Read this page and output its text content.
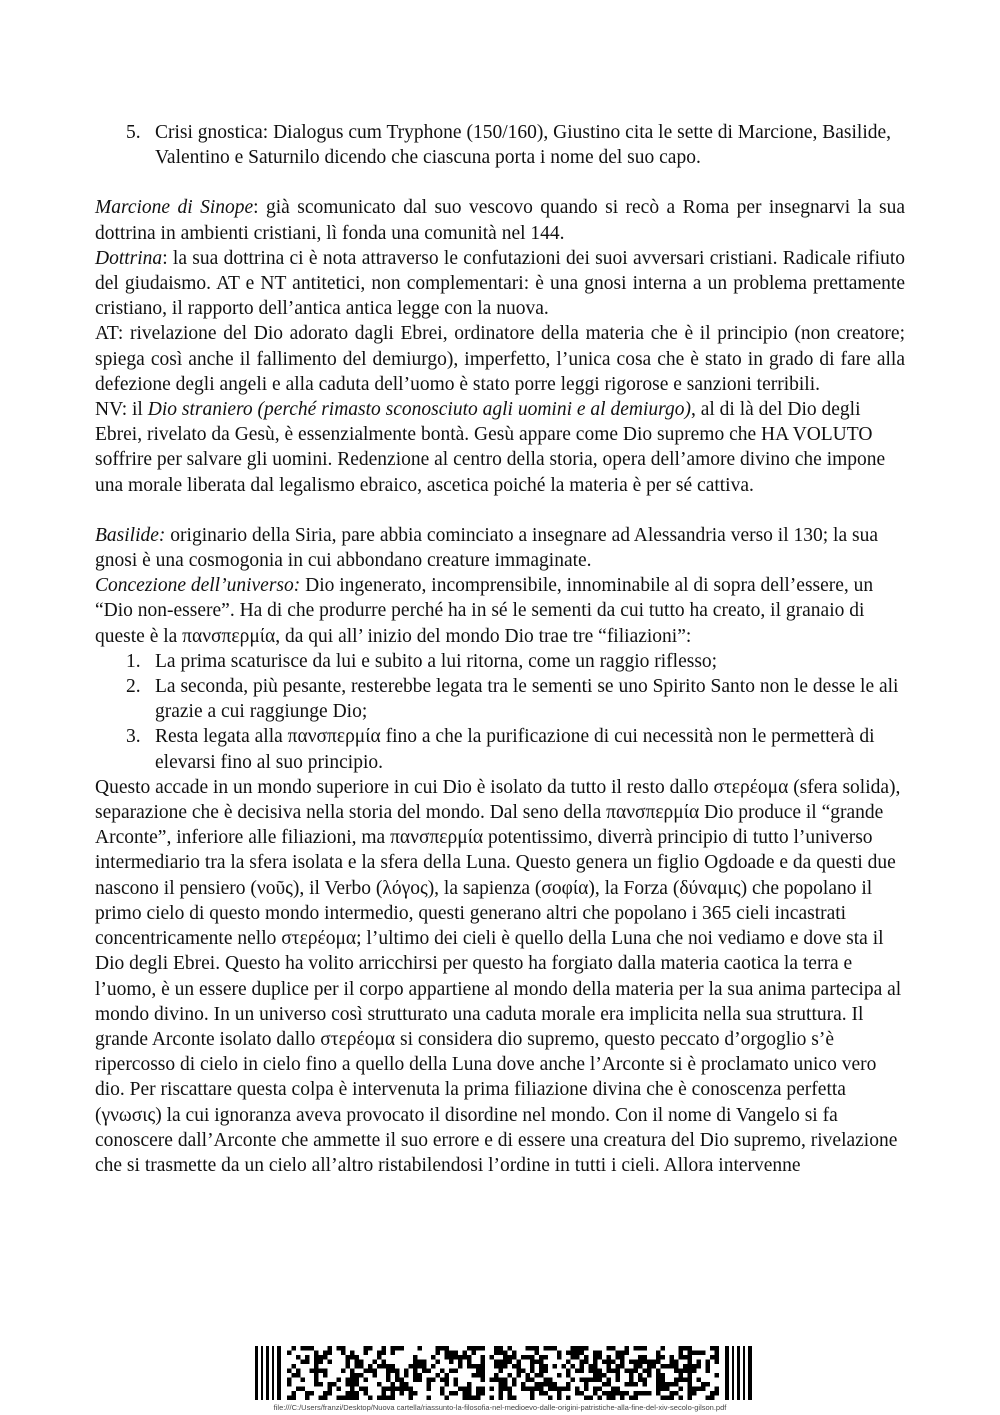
5. Crisi gnostica: Dialogus cum Tryphone (150/160), Giustino cita le sette di Marcione, Basilide, Valentino e Saturnilo dicendo che ciascuna porta i nome del suo capo.

Marcione di Sinope: già scomunicato dal suo vescovo quando si recò a Roma per insegnarvi la sua dottrina in ambienti cristiani, lì fonda una comunità nel 144.

Dottrina: la sua dottrina ci è nota attraverso le confutazioni dei suoi avversari cristiani. Radicale rifiuto del giudaismo. AT e NT antitetici, non complementari: è una gnosi interna a un problema prettamente cristiano, il rapporto dell’antica antica legge con la nuova.

AT: rivelazione del Dio adorato dagli Ebrei, ordinatore della materia che è il principio (non creatore; spiega così anche il fallimento del demiurgo), imperfetto, l’unica cosa che è stato in grado di fare alla defezione degli angeli e alla caduta dell’uomo è stato porre leggi rigorose e sanzioni terribili.

NV: il Dio straniero (perché rimasto sconosciuto agli uomini e al demiurgo), al di là del Dio degli Ebrei, rivelato da Gesù, è essenzialmente bontà. Gesù appare come Dio supremo che HA VOLUTO soffrire per salvare gli uomini. Redenzione al centro della storia, opera dell’amore divino che impone una morale liberata dal legalismo ebraico, ascetica poiché la materia è per sé cattiva.

Basilide: originario della Siria, pare abbia cominciato a insegnare ad Alessandria verso il 130; la sua gnosi è una cosmogonia in cui abbondano creature immaginate.

Concezione dell’universo: Dio ingenerato, incomprensibile, innominabile al di sopra dell’essere, un “Dio non-essere”. Ha di che produrre perché ha in sé le sementi da cui tutto ha creato, il granaio di queste è la πανσπερμία, da qui all’ inizio del mondo Dio trae tre “filiazioni”:

1. La prima scaturisce da lui e subito a lui ritorna, come un raggio riflesso;
2. La seconda, più pesante, resterebbe legata tra le sementi se uno Spirito Santo non le desse le ali grazie a cui raggiunge Dio;
3. Resta legata alla πανσπερμία fino a che la purificazione di cui necessità non le permetterà di elevarsi fino al suo principio.

Questo accade in un mondo superiore in cui Dio è isolato da tutto il resto dallo στερέομα (sfera solida), separazione che è decisiva nella storia del mondo. Dal seno della πανσπερμία Dio produce il “grande Arconte”, inferiore alle filiazioni, ma πανσπερμία potentissimo, diverrà principio di tutto l’universo intermediario tra la sfera isolata e la sfera della Luna. Questo genera un figlio Ogdoade e da questi due nascono il pensiero (νοῦς), il Verbo (λόγος), la sapienza (σοφία), la Forza (δύναμις) che popolano il primo cielo di questo mondo intermedio, questi generano altri che popolano i 365 cieli incastrati concentricamente nello στερέομα; l’ultimo dei cieli è quello della Luna che noi vediamo e dove sta il Dio degli Ebrei. Questo ha volito arricchirsi per questo ha forgiato dalla materia caotica la terra e l’uomo, è un essere duplice per il corpo appartiene al mondo della materia per la sua anima partecipa al mondo divino. In un universo così strutturato una caduta morale era implicita nella sua struttura. Il grande Arconte isolato dallo στερέομα si considera dio supremo, questo peccato d’orgoglio s’è ripercosso di cielo in cielo fino a quello della Luna dove anche l’Arconte si è proclamato unico vero dio. Per riscattare questa colpa è intervenuta la prima filiazione divina che è conoscenza perfetta (γνωσις) la cui ignoranza aveva provocato il disordine nel mondo. Con il nome di Vangelo si fa conoscere dall’Arconte che ammette il suo errore e di essere una creatura del Dio supremo, rivelazione che si trasmette da un cielo all’altro ristabilendosi l’ordine in tutti i cieli. Allora intervenne

file:///C:/Users/franzi/Desktop/Nuova cartella/riassunto-la-filosofia-nel-medioevo-dalle-origini-patristiche-alla-fine-del-xiv-secolo-gilson.pdf
